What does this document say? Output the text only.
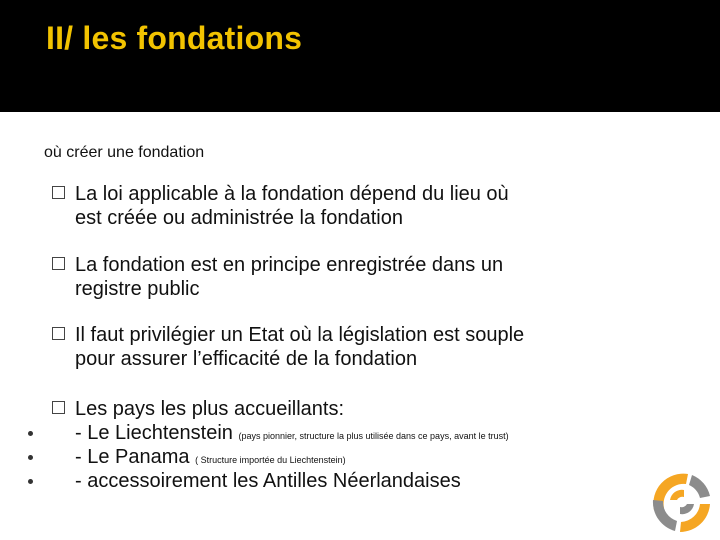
II/ les fondations
où créer une fondation
La loi applicable à la fondation dépend du lieu où
est créée ou administrée la fondation
La fondation est en principe enregistrée dans un
registre public
Il faut privilégier un Etat où la législation est souple
pour assurer l’efficacité de la fondation
Les pays les plus accueillants:
- Le Liechtenstein (pays pionnier, structure la plus utilisée dans ce pays, avant le trust)
- Le Panama ( Structure importée du Liechtenstein)
- accessoirement les Antilles Néerlandaises
